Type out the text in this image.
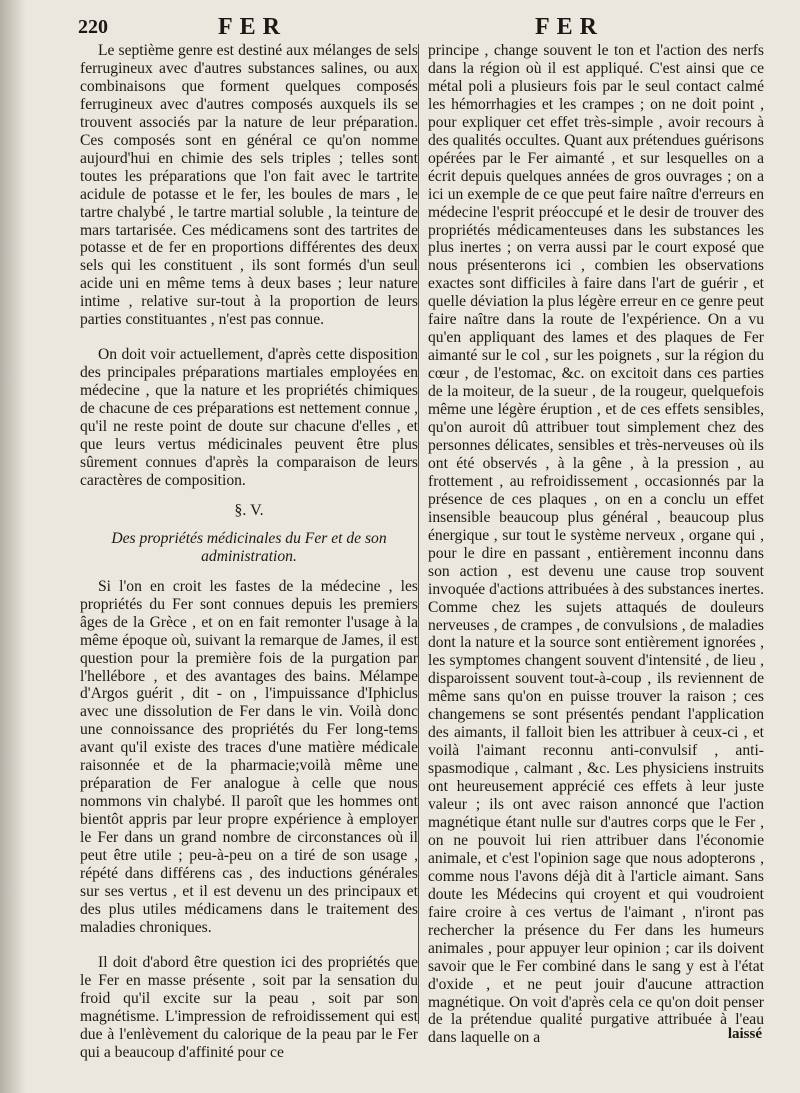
220	FER	FER

Le septième genre est destiné aux mélanges de sels ferrugineux avec d'autres substances salines, ou aux combinaisons que forment quelques composés ferrugineux avec d'autres composés auxquels ils se trouvent associés par la nature de leur préparation. Ces composés sont en général ce qu'on nomme aujourd'hui en chimie des sels triples ; telles sont toutes les préparations que l'on fait avec le tartrite acidule de potasse et le fer, les boules de mars , le tartre chalybé , le tartre martial soluble , la teinture de mars tartarisée. Ces médicamens sont des tartrites de potasse et de fer en proportions différentes des deux sels qui les constituent , ils sont formés d'un seul acide uni en même tems à deux bases ; leur nature intime , relative sur-tout à la proportion de leurs parties constituantes , n'est pas connue.

On doit voir actuellement, d'après cette disposition des principales préparations martiales employées en médecine , que la nature et les propriétés chimiques de chacune de ces préparations est nettement connue , qu'il ne reste point de doute sur chacune d'elles , et que leurs vertus médicinales peuvent être plus sûrement connues d'après la comparaison de leurs caractères de composition.

§. V.
Des propriétés médicinales du Fer et de son administration.

Si l'on en croit les fastes de la médecine , les propriétés du Fer sont connues depuis les premiers âges de la Grèce , et on en fait remonter l'usage à la même époque où, suivant la remarque de James, il est question pour la première fois de la purgation par l'hellébore , et des avantages des bains. Mélampe d'Argos guérit , dit - on , l'impuissance d'Iphiclus avec une dissolution de Fer dans le vin. Voilà donc une connoissance des propriétés du Fer long-tems avant qu'il existe des traces d'une matière médicale raisonnée et de la pharmacie;voilà même une préparation de Fer analogue à celle que nous nommons vin chalybé. Il paroît que les hommes ont bientôt appris par leur propre expérience à employer le Fer dans un grand nombre de circonstances où il peut être utile ; peu-à-peu on a tiré de son usage , répété dans différens cas , des inductions générales sur ses vertus , et il est devenu un des principaux et des plus utiles médicamens dans le traitement des maladies chroniques.

Il doit d'abord être question ici des propriétés que le Fer en masse présente , soit par la sensation du froid qu'il excite sur la peau , soit par son magnétisme. L'impression de refroidissement qui est due à l'enlèvement du calorique de la peau par le Fer qui a beaucoup d'affinité pour ce

principe , change souvent le ton et l'action des nerfs dans la région où il est appliqué. C'est ainsi que ce métal poli a plusieurs fois par le seul contact calmé les hémorrhagies et les crampes ; on ne doit point , pour expliquer cet effet très-simple , avoir recours à des qualités occultes. Quant aux prétendues guérisons opérées par le Fer aimanté , et sur lesquelles on a écrit depuis quelques années de gros ouvrages ; on a ici un exemple de ce que peut faire naître d'erreurs en médecine l'esprit préoccupé et le desir de trouver des propriétés médicamenteuses dans les substances les plus inertes ; on verra aussi par le court exposé que nous présenterons ici , combien les observations exactes sont difficiles à faire dans l'art de guérir , et quelle déviation la plus légère erreur en ce genre peut faire naître dans la route de l'expérience. On a vu qu'en appliquant des lames et des plaques de Fer aimanté sur le col , sur les poignets , sur la région du cœur , de l'estomac, &c. on excitoit dans ces parties de la moiteur, de la sueur , de la rougeur, quelquefois même une légère éruption , et de ces effets sensibles, qu'on auroit dû attribuer tout simplement chez des personnes délicates, sensibles et très-nerveuses où ils ont été observés , à la gêne , à la pression , au frottement , au refroidissement , occasionnés par la présence de ces plaques , on en a conclu un effet insensible beaucoup plus général , beaucoup plus énergique , sur tout le système nerveux , organe qui , pour le dire en passant , entièrement inconnu dans son action , est devenu une cause trop souvent invoquée d'actions attribuées à des substances inertes. Comme chez les sujets attaqués de douleurs nerveuses , de crampes , de convulsions , de maladies dont la nature et la source sont entièrement ignorées , les symptomes changent souvent d'intensité , de lieu , disparoissent souvent tout-à-coup , ils reviennent de même sans qu'on en puisse trouver la raison ; ces changemens se sont présentés pendant l'application des aimants, il falloit bien les attribuer à ceux-ci , et voilà l'aimant reconnu anti-convulsif , anti-spasmodique , calmant , &c. Les physiciens instruits ont heureusement apprécié ces effets à leur juste valeur ; ils ont avec raison annoncé que l'action magnétique étant nulle sur d'autres corps que le Fer , on ne pouvoit lui rien attribuer dans l'économie animale, et c'est l'opinion sage que nous adopterons , comme nous l'avons déjà dit à l'article aimant. Sans doute les Médecins qui croyent et qui voudroient faire croire à ces vertus de l'aimant , n'iront pas rechercher la présence du Fer dans les humeurs animales , pour appuyer leur opinion ; car ils doivent savoir que le Fer combiné dans le sang y est à l'état d'oxide , et ne peut jouir d'aucune attraction magnétique. On voit d'après cela ce qu'on doit penser de la prétendue qualité purgative attribuée à l'eau dans laquelle on a	laissé
